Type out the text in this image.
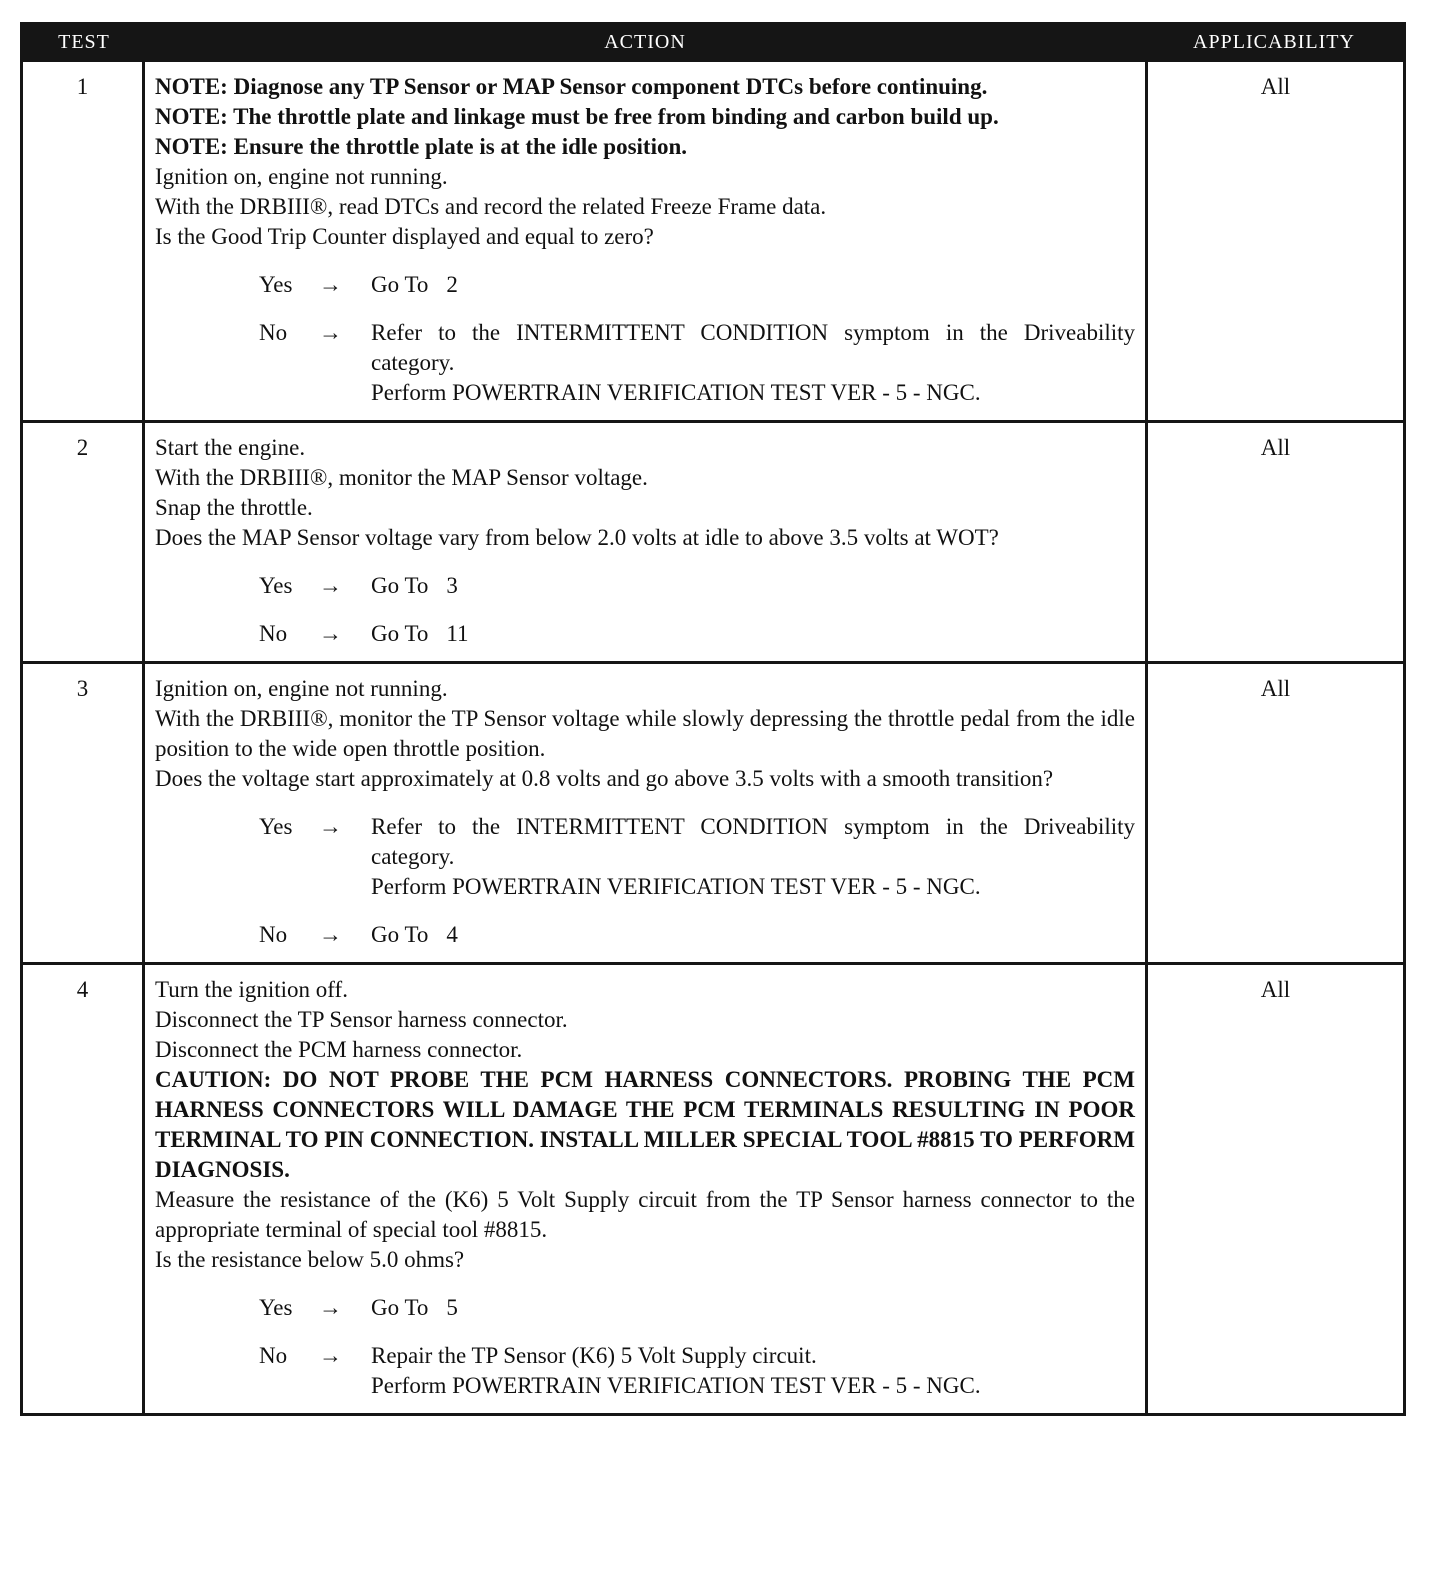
TEST	ACTION	APPLICABILITY
1	NOTE: Diagnose any TP Sensor or MAP Sensor component DTCs before continuing.
NOTE: The throttle plate and linkage must be free from binding and carbon build up.
NOTE: Ensure the throttle plate is at the idle position.
Ignition on, engine not running.
With the DRBIII®, read DTCs and record the related Freeze Frame data.
Is the Good Trip Counter displayed and equal to zero?
Yes	→	Go To 2
No	→	Refer to the INTERMITTENT CONDITION symptom in the Driveability category.
Perform POWERTRAIN VERIFICATION TEST VER - 5 - NGC.
All
2	Start the engine.
With the DRBIII®, monitor the MAP Sensor voltage.
Snap the throttle.
Does the MAP Sensor voltage vary from below 2.0 volts at idle to above 3.5 volts at WOT?
Yes	→	Go To 3
No	→	Go To 11
All
3	Ignition on, engine not running.
With the DRBIII®, monitor the TP Sensor voltage while slowly depressing the throttle pedal from the idle position to the wide open throttle position.
Does the voltage start approximately at 0.8 volts and go above 3.5 volts with a smooth transition?
Yes	→	Refer to the INTERMITTENT CONDITION symptom in the Driveability category.
Perform POWERTRAIN VERIFICATION TEST VER - 5 - NGC.
No	→	Go To 4
All
4	Turn the ignition off.
Disconnect the TP Sensor harness connector.
Disconnect the PCM harness connector.
CAUTION: DO NOT PROBE THE PCM HARNESS CONNECTORS. PROBING THE PCM HARNESS CONNECTORS WILL DAMAGE THE PCM TERMINALS RESULTING IN POOR TERMINAL TO PIN CONNECTION. INSTALL MILLER SPECIAL TOOL #8815 TO PERFORM DIAGNOSIS.
Measure the resistance of the (K6) 5 Volt Supply circuit from the TP Sensor harness connector to the appropriate terminal of special tool #8815.
Is the resistance below 5.0 ohms?
Yes	→	Go To 5
No	→	Repair the TP Sensor (K6) 5 Volt Supply circuit.
Perform POWERTRAIN VERIFICATION TEST VER - 5 - NGC.
All
